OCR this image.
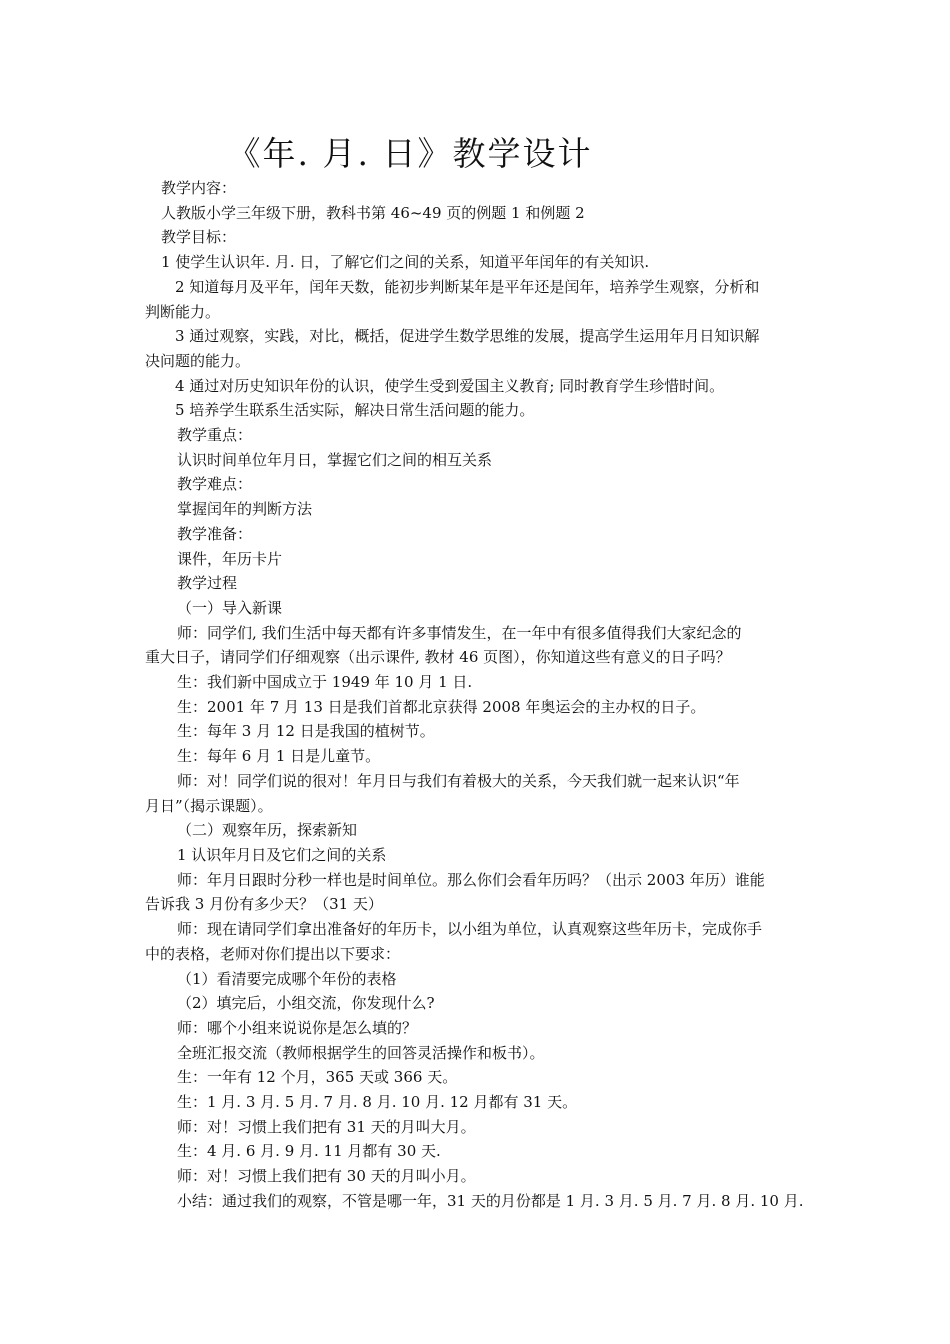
《年. 月. 日》教学设计
教学内容：
人教版小学三年级下册，教科书第 46~49 页的例题 1 和例题 2
教学目标：
1 使学生认识年. 月. 日，了解它们之间的关系，知道平年闰年的有关知识.
2 知道每月及平年，闰年天数，能初步判断某年是平年还是闰年，培养学生观察，分析和
判断能力。
3 通过观察，实践，对比，概括，促进学生数学思维的发展，提高学生运用年月日知识解
决问题的能力。
4 通过对历史知识年份的认识，使学生受到爱国主义教育; 同时教育学生珍惜时间。
5 培养学生联系生活实际，解决日常生活问题的能力。
教学重点：
认识时间单位年月日，掌握它们之间的相互关系
教学难点：
掌握闰年的判断方法
教学准备：
课件，年历卡片
教学过程
（一）导入新课
师：同学们, 我们生活中每天都有许多事情发生，在一年中有很多值得我们大家纪念的
重大日子，请同学们仔细观察（出示课件, 教材 46 页图），你知道这些有意义的日子吗？
生：我们新中国成立于 1949 年 10 月 1 日.
生：2001 年 7 月 13 日是我们首都北京获得 2008 年奥运会的主办权的日子。
生：每年 3 月 12 日是我国的植树节。
生：每年 6 月 1 日是儿童节。
师：对！同学们说的很对！年月日与我们有着极大的关系，今天我们就一起来认识“年
月日”（揭示课题）。
（二）观察年历，探索新知
1 认识年月日及它们之间的关系
师：年月日跟时分秒一样也是时间单位。那么你们会看年历吗？（出示 2003 年历）谁能
告诉我 3 月份有多少天？（31 天）
师：现在请同学们拿出准备好的年历卡，以小组为单位，认真观察这些年历卡，完成你手
中的表格，老师对你们提出以下要求：
（1）看清要完成哪个年份的表格
（2）填完后，小组交流，你发现什么?
师：哪个小组来说说你是怎么填的？
全班汇报交流（教师根据学生的回答灵活操作和板书）。
生：一年有 12 个月，365 天或 366 天。
生：1 月. 3 月. 5 月. 7 月. 8 月. 10 月. 12 月都有 31 天。
师：对！习惯上我们把有 31 天的月叫大月。
生：4 月. 6 月. 9 月. 11 月都有 30 天.
师：对！习惯上我们把有 30 天的月叫小月。
小结：通过我们的观察，不管是哪一年，31 天的月份都是 1 月. 3 月. 5 月. 7 月. 8 月. 10 月.
